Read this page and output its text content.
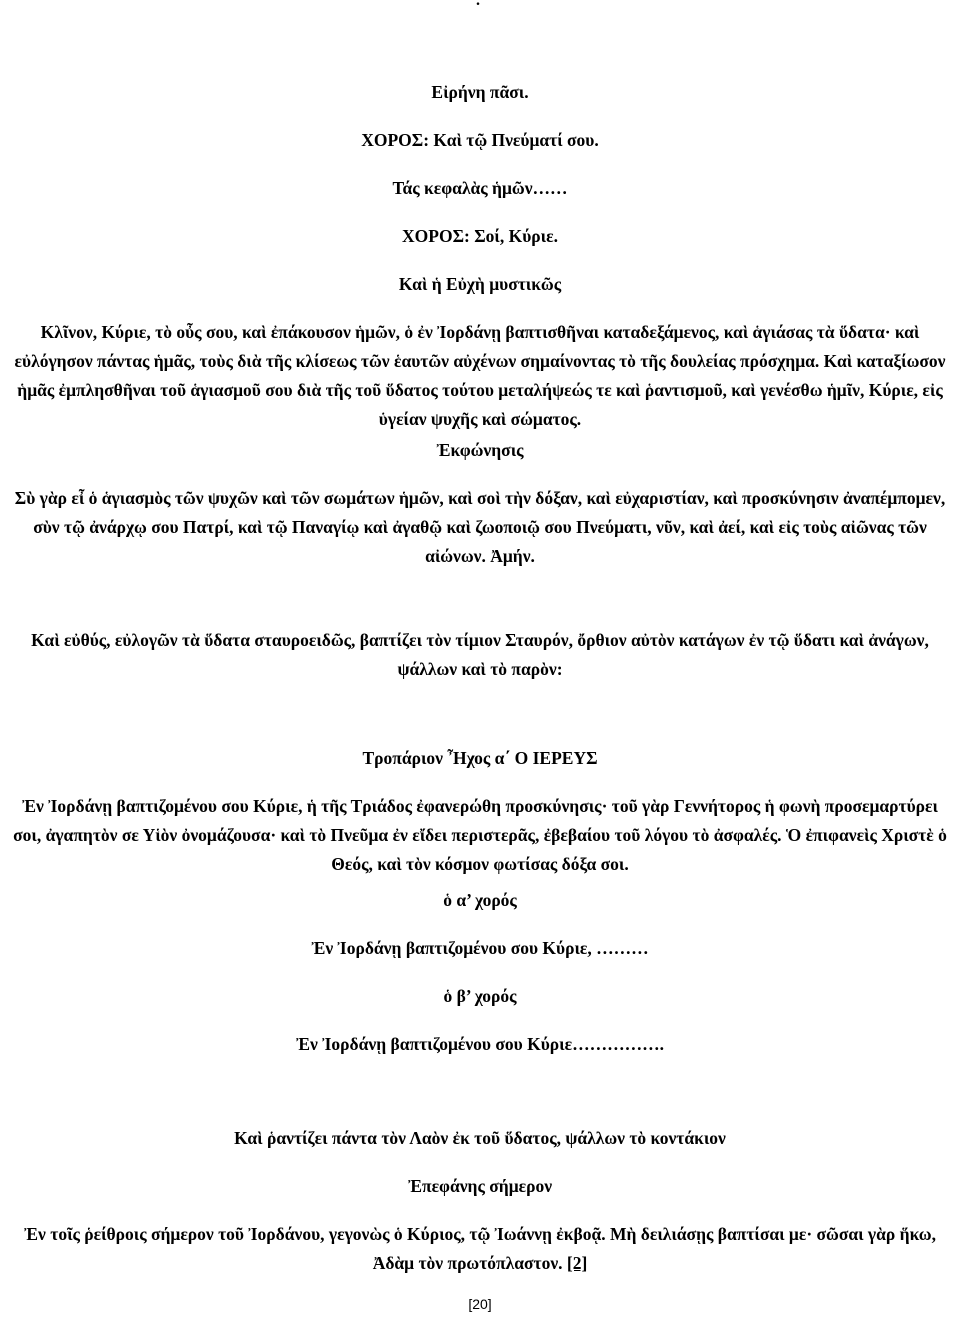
.
Εἰρήνη πᾶσι.
ΧΟΡΟΣ: Καὶ τῷ Πνεύματί σου.
Τάς κεφαλὰς ἡμῶν……
ΧΟΡΟΣ: Σοί, Κύριε.
Καὶ ἡ Εὐχὴ μυστικῶς
Κλῖνον, Κύριε, τὸ οὖς σου, καὶ ἐπάκουσον ἡμῶν, ὁ ἐν Ἰορδάνῃ βαπτισθῆναι καταδεξάμενος, καὶ ἁγιάσας τὰ ὕδατα· καὶ εὐλόγησον πάντας ἡμᾶς, τοὺς διὰ τῆς κλίσεως τῶν ἑαυτῶν αὐχένων σημαίνοντας τὸ τῆς δουλείας πρόσχημα. Καὶ καταξίωσον ἡμᾶς ἐμπλησθῆναι τοῦ ἁγιασμοῦ σου διὰ τῆς τοῦ ὕδατος τούτου μεταλήψεώς τε καὶ ῥαντισμοῦ, καὶ γενέσθω ἡμῖν, Κύριε, εἰς ὑγείαν ψυχῆς καὶ σώματος.
Ἐκφώνησις
Σὺ γὰρ εἶ ὁ ἁγιασμὸς τῶν ψυχῶν καὶ τῶν σωμάτων ἡμῶν, καὶ σοὶ τὴν δόξαν, καὶ εὐχαριστίαν, καὶ προσκύνησιν ἀναπέμπομεν, σὺν τῷ ἀνάρχῳ σου Πατρί, καὶ τῷ Παναγίῳ καὶ ἀγαθῷ καὶ ζωοποιῷ σου Πνεύματι, νῦν, καὶ ἀεί, καὶ εἰς τοὺς αἰῶνας τῶν αἰώνων. Ἀμήν.
Καὶ εὐθύς, εὐλογῶν τὰ ὕδατα σταυροειδῶς, βαπτίζει τὸν τίμιον Σταυρόν, ὄρθιον αὐτὸν κατάγων ἐν τῷ ὕδατι καὶ ἀνάγων, ψάλλων καὶ τὸ παρὸν:
Τροπάριον Ἦχος α΄ Ο ΙΕΡΕΥΣ
Ἐν Ἰορδάνῃ βαπτιζομένου σου Κύριε, ἡ τῆς Τριάδος ἐφανερώθη προσκύνησις· τοῦ γὰρ Γεννήτορος ἡ φωνὴ προσεμαρτύρει σοι, ἀγαπητὸν σε Υἱὸν ὀνομάζουσα· καὶ τὸ Πνεῦμα ἐν εἴδει περιστερᾶς, ἐβεβαίου τοῦ λόγου τὸ ἀσφαλές. Ὁ ἐπιφανεὶς Χριστὲ ὁ Θεός, καὶ τὸν κόσμον φωτίσας δόξα σοι.
ὁ α’ χορός
Ἐν Ἰορδάνῃ βαπτιζομένου σου Κύριε, ………
ὁ β’ χορός
Ἐν Ἰορδάνῃ βαπτιζομένου σου Κύριε…………….
Καὶ ῥαντίζει πάντα τὸν Λαὸν ἐκ τοῦ ὕδατος, ψάλλων τὸ κοντάκιον
Ἐπεφάνης σήμερον
Ἐν τοῖς ῥείθροις σήμερον τοῦ Ἰορδάνου, γεγονὼς ὁ Κύριος, τῷ Ἰωάννῃ ἐκβοᾷ. Μὴ δειλιάσῃς βαπτίσαι με· σῶσαι γὰρ ἥκω, Ἀδὰμ τὸν πρωτόπλαστον. [2]
[20]
